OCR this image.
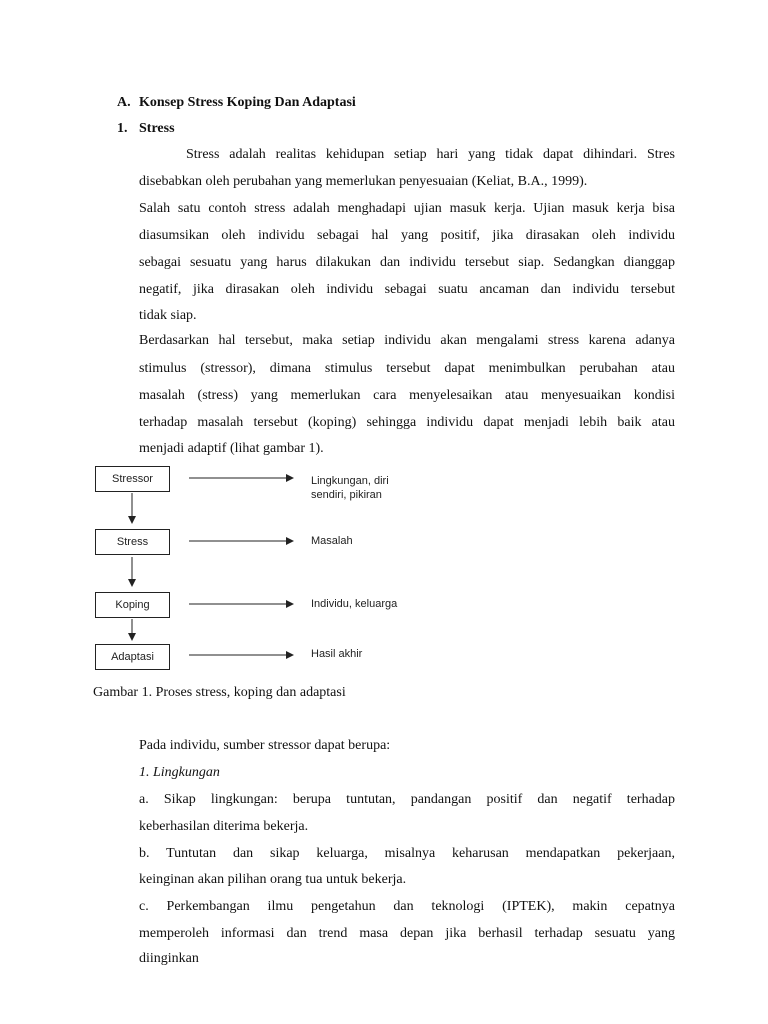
A. Konsep Stress Koping Dan Adaptasi
1. Stress
Stress adalah realitas kehidupan setiap hari yang tidak dapat dihindari. Stres
disebabkan oleh perubahan yang memerlukan penyesuaian (Keliat, B.A., 1999).
Salah satu contoh stress adalah menghadapi ujian masuk kerja. Ujian masuk kerja bisa
diasumsikan oleh individu sebagai hal yang positif, jika dirasakan oleh individu
sebagai sesuatu yang harus dilakukan dan individu tersebut siap. Sedangkan dianggap
negatif, jika dirasakan oleh individu sebagai suatu ancaman dan individu tersebut
tidak siap.
Berdasarkan hal tersebut, maka setiap individu akan mengalami stress karena adanya
stimulus (stressor), dimana stimulus tersebut dapat menimbulkan perubahan atau
masalah (stress) yang memerlukan cara menyelesaikan atau menyesuaikan kondisi
terhadap masalah tersebut (koping) sehingga individu dapat menjadi lebih baik atau
menjadi adaptif (lihat gambar 1).
Stressor
Stress
Koping
Adaptasi
Lingkungan, diri
sendiri, pikiran
Masalah
Individu, keluarga
Hasil akhir
Gambar 1. Proses stress, koping dan adaptasi
Pada individu, sumber stressor dapat berupa:
1. Lingkungan
a. Sikap lingkungan: berupa tuntutan, pandangan positif dan negatif terhadap
keberhasilan diterima bekerja.
b. Tuntutan dan sikap keluarga, misalnya keharusan mendapatkan pekerjaan,
keinginan akan pilihan orang tua untuk bekerja.
c. Perkembangan ilmu pengetahun dan teknologi (IPTEK), makin cepatnya
memperoleh informasi dan trend masa depan jika berhasil terhadap sesuatu yang
diinginkan
